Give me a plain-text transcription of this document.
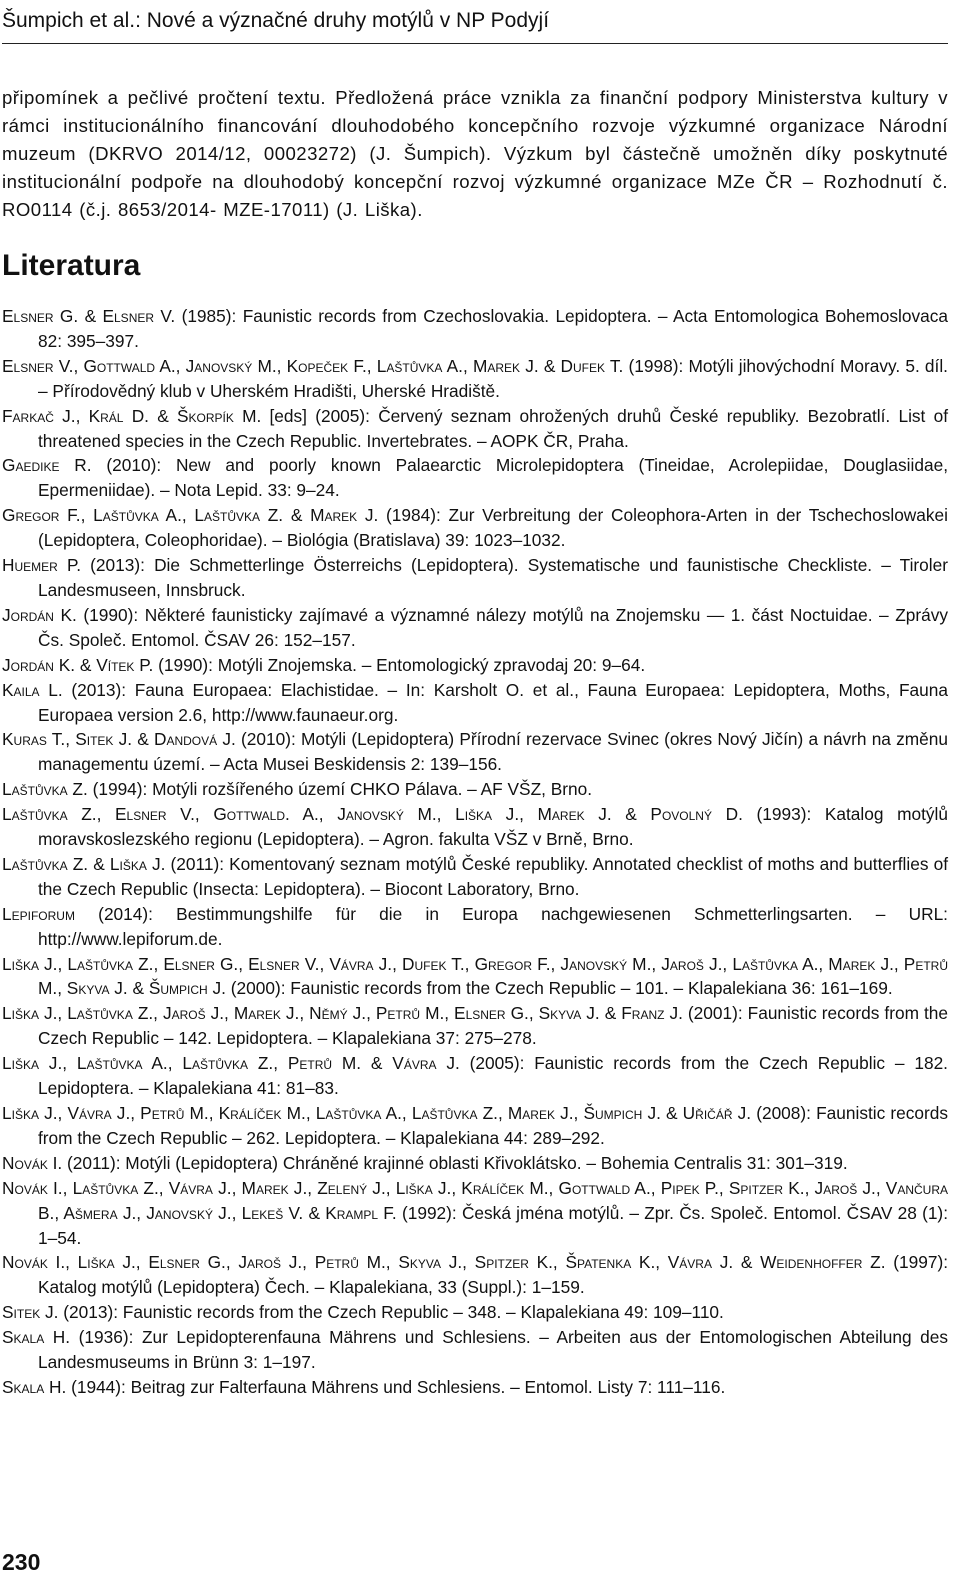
Šumpich et al.: Nové a význačné druhy motýlů v NP Podyjí

připomínek a pečlivé pročtení textu. Předložená práce vznikla za finanční podpory Ministerstva kultury v rámci institucionálního financování dlouhodobého koncepčního rozvoje výzkumné organizace Národní muzeum (DKRVO 2014/12, 00023272) (J. Šumpich). Výzkum byl částečně umožněn díky poskytnuté institucionální podpoře na dlouhodobý koncepční rozvoj výzkumné organizace MZe ČR – Rozhodnutí č. RO0114 (č.j. 8653/2014- MZE-17011) (J. Liška).

Literatura

Elsner G. & Elsner V. (1985): Faunistic records from Czechoslovakia. Lepidoptera. – Acta Entomologica Bohemoslovaca 82: 395–397.

Elsner V., Gottwald A., Janovský M., Kopeček F., Laštůvka A., Marek J. & Dufek T. (1998): Motýli jihovýchodní Moravy. 5. díl. – Přírodovědný klub v Uherském Hradišti, Uherské Hradiště.

Farkač J., Král D. & Škorpík M. [eds] (2005): Červený seznam ohrožených druhů České republiky. Bezobratlí. List of threatened species in the Czech Republic. Invertebrates. – AOPK ČR, Praha.

Gaedike R. (2010): New and poorly known Palaearctic Microlepidoptera (Tineidae, Acrolepiidae, Douglasiidae, Epermeniidae). – Nota Lepid. 33: 9–24.

Gregor F., Laštůvka A., Laštůvka Z. & Marek J. (1984): Zur Verbreitung der Coleophora-Arten in der Tschechoslowakei (Lepidoptera, Coleophoridae). – Biológia (Bratislava) 39: 1023–1032.

Huemer P. (2013): Die Schmetterlinge Österreichs (Lepidoptera). Systematische und faunistische Checkliste. – Tiroler Landesmuseen, Innsbruck.

Jordán K. (1990): Některé faunisticky zajímavé a významné nálezy motýlů na Znojemsku — 1. část Noctuidae. – Zprávy Čs. Společ. Entomol. ČSAV 26: 152–157.

Jordán K. & Vítek P. (1990): Motýli Znojemska. – Entomologický zpravodaj 20: 9–64.

Kaila L. (2013): Fauna Europaea: Elachistidae. – In: Karsholt O. et al., Fauna Europaea: Lepidoptera, Moths, Fauna Europaea version 2.6, http://www.faunaeur.org.

Kuras T., Sitek J. & Dandová J. (2010): Motýli (Lepidoptera) Přírodní rezervace Svinec (okres Nový Jičín) a návrh na změnu managementu území. – Acta Musei Beskidensis 2: 139–156.

Laštůvka Z. (1994): Motýli rozšířeného území CHKO Pálava. – AF VŠZ, Brno.

Laštůvka Z., Elsner V., Gottwald. A., Janovský M., Liška J., Marek J. & Povolný D. (1993): Katalog motýlů moravskoslezského regionu (Lepidoptera). – Agron. fakulta VŠZ v Brně, Brno.

Laštůvka Z. & Liška J. (2011): Komentovaný seznam motýlů České republiky. Annotated checklist of moths and butterflies of the Czech Republic (Insecta: Lepidoptera). – Biocont Laboratory, Brno.

Lepiforum (2014): Bestimmungshilfe für die in Europa nachgewiesenen Schmetterlingsarten. – URL: http://www.lepiforum.de.

Liška J., Laštůvka Z., Elsner G., Elsner V., Vávra J., Dufek T., Gregor F., Janovský M., Jaroš J., Laštůvka A., Marek J., Petrů M., Skyva J. & Šumpich J. (2000): Faunistic records from the Czech Republic – 101. – Klapalekiana 36: 161–169.

Liška J., Laštůvka Z., Jaroš J., Marek J., Němý J., Petrů M., Elsner G., Skyva J. & Franz J. (2001): Faunistic records from the Czech Republic – 142. Lepidoptera. – Klapalekiana 37: 275–278.

Liška J., Laštůvka A., Laštůvka Z., Petrů M. & Vávra J. (2005): Faunistic records from the Czech Republic – 182. Lepidoptera. – Klapalekiana 41: 81–83.

Liška J., Vávra J., Petrů M., Králíček M., Laštůvka A., Laštůvka Z., Marek J., Šumpich J. & Uřičář J. (2008): Faunistic records from the Czech Republic – 262. Lepidoptera. – Klapalekiana 44: 289–292.

Novák I. (2011): Motýli (Lepidoptera) Chráněné krajinné oblasti Křivoklátsko. – Bohemia Centralis 31: 301–319.

Novák I., Laštůvka Z., Vávra J., Marek J., Zelený J., Liška J., Králíček M., Gottwald A., Pipek P., Spitzer K., Jaroš J., Vančura B., Ašmera J., Janovský J., Lekeš V. & Krampl F. (1992): Česká jména motýlů. – Zpr. Čs. Společ. Entomol. ČSAV 28 (1): 1–54.

Novák I., Liška J., Elsner G., Jaroš J., Petrů M., Skyva J., Spitzer K., Špatenka K., Vávra J. & Weidenhoffer Z. (1997): Katalog motýlů (Lepidoptera) Čech. – Klapalekiana, 33 (Suppl.): 1–159.

Sitek J. (2013): Faunistic records from the Czech Republic – 348. – Klapalekiana 49: 109–110.

Skala H. (1936): Zur Lepidopterenfauna Mährens und Schlesiens. – Arbeiten aus der Entomologischen Abteilung des Landesmuseums in Brünn 3: 1–197.

Skala H. (1944): Beitrag zur Falterfauna Mährens und Schlesiens. – Entomol. Listy 7: 111–116.

230
